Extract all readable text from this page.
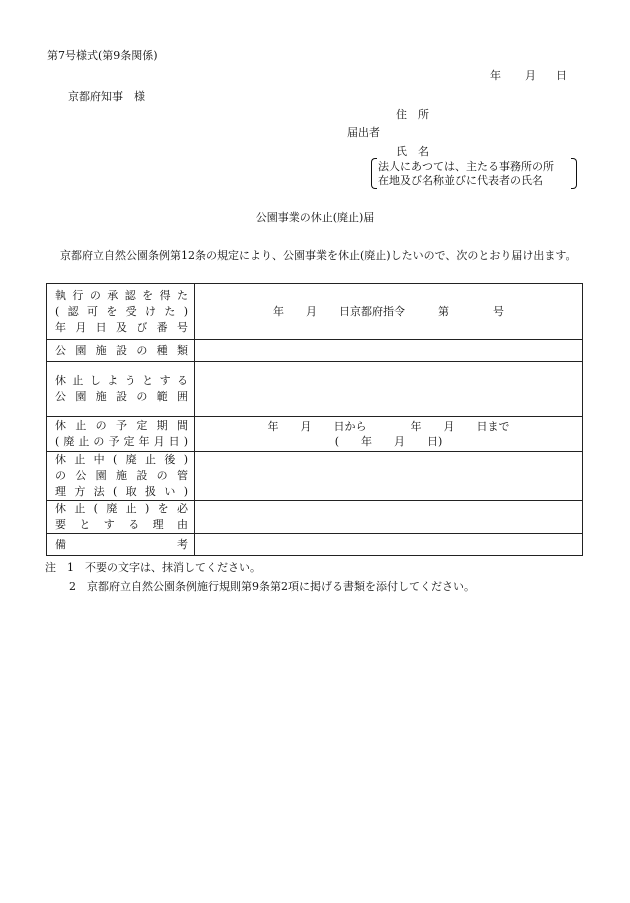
第7号様式(第9条関係)
年 月 日
京都府知事　様
住　所
届出者
氏　名
法人にあつては、主たる事務所の所
在地及び名称並びに代表者の氏名
公園事業の休止(廃止)届
京都府立自然公園条例第12条の規定により、公園事業を休止(廃止)したいので、次のとおり届け出ます。
執行の承認を得た
(認可を受けた)
年月日及び番号	年　　月　　日京都府指令　　　第　　　　号

公園施設の種類	

休止しようとする
公園施設の範囲	

休止の予定期間
(廃止の予定年月日)	年　　月　　日から　　　　年　　月　　日まで
(　　年　　月　　日)

休止中(廃止後)
の公園施設の管
理方法(取扱い)	

休止(廃止)を必
要とする理由	

備考	

注　1　不要の文字は、抹消してください。
2　京都府立自然公園条例施行規則第9条第2項に掲げる書類を添付してください。
